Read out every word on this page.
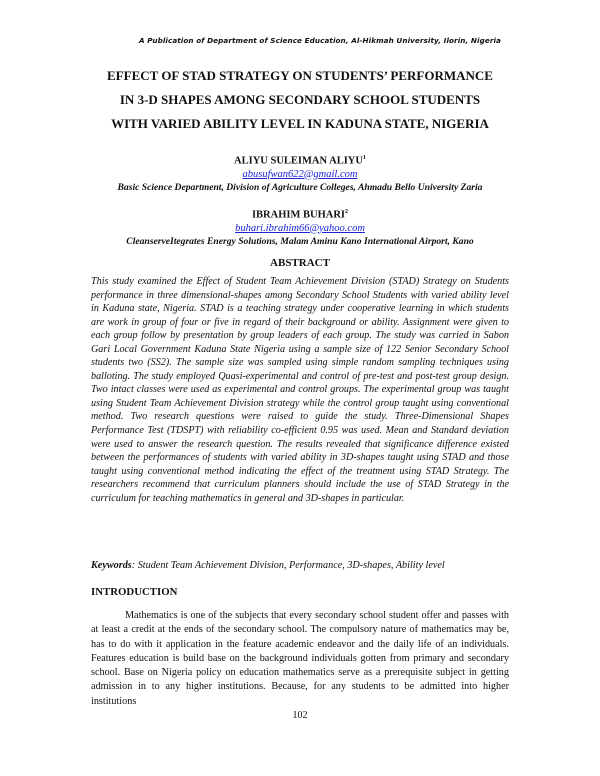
A Publication of Department of Science Education, Al-Hikmah University, Ilorin, Nigeria
EFFECT OF STAD STRATEGY ON STUDENTS’ PERFORMANCE
IN 3-D SHAPES AMONG SECONDARY SCHOOL STUDENTS
WITH VARIED ABILITY LEVEL IN KADUNA STATE, NIGERIA
ALIYU SULEIMAN ALIYU$^1$
abusufwan622@gmail.com
Basic Science Department, Division of Agriculture Colleges, Ahmadu Bello University Zaria
IBRAHIM BUHARI$^2$
buhari.ibrahim66@yahoo.com
CleanserveItegrates Energy Solutions, Malam Aminu Kano International Airport, Kano
ABSTRACT
This study examined the Effect of Student Team Achievement Division (STAD) Strategy on Students performance in three dimensional-shapes among Secondary School Students with varied ability level in Kaduna state, Nigeria. STAD is a teaching strategy under cooperative learning in which students are work in group of four or five in regard of their background or ability. Assignment were given to each group follow by presentation by group leaders of each group. The study was carried in Sabon Gari Local Government Kaduna State Nigeria using a sample size of 122 Senior Secondary School students two (SS2). The sample size was sampled using simple random sampling techniques using balloting. The study employed Quasi-experimental and control of pre-test and post-test group design. Two intact classes were used as experimental and control groups. The experimental group was taught using Student Team Achievement Division strategy while the control group taught using conventional method. Two research questions were raised to guide the study. Three-Dimensional Shapes Performance Test (TDSPT) with reliability co-efficient 0.95 was used. Mean and Standard deviation were used to answer the research question. The results revealed that significance difference existed between the performances of students with varied ability in 3D-shapes taught using STAD and those taught using conventional method indicating the effect of the treatment using STAD Strategy. The researchers recommend that curriculum planners should include the use of STAD Strategy in the curriculum for teaching mathematics in general and 3D-shapes in particular.
Keywords: Student Team Achievement Division, Performance, 3D-shapes, Ability level
INTRODUCTION
Mathematics is one of the subjects that every secondary school student offer and passes with at least a credit at the ends of the secondary school. The compulsory nature of mathematics may be, has to do with it application in the feature academic endeavor and the daily life of an individuals. Features education is build base on the background individuals gotten from primary and secondary school. Base on Nigeria policy on education mathematics serve as a prerequisite subject in getting admission in to any higher institutions. Because, for any students to be admitted into higher institutions
102
